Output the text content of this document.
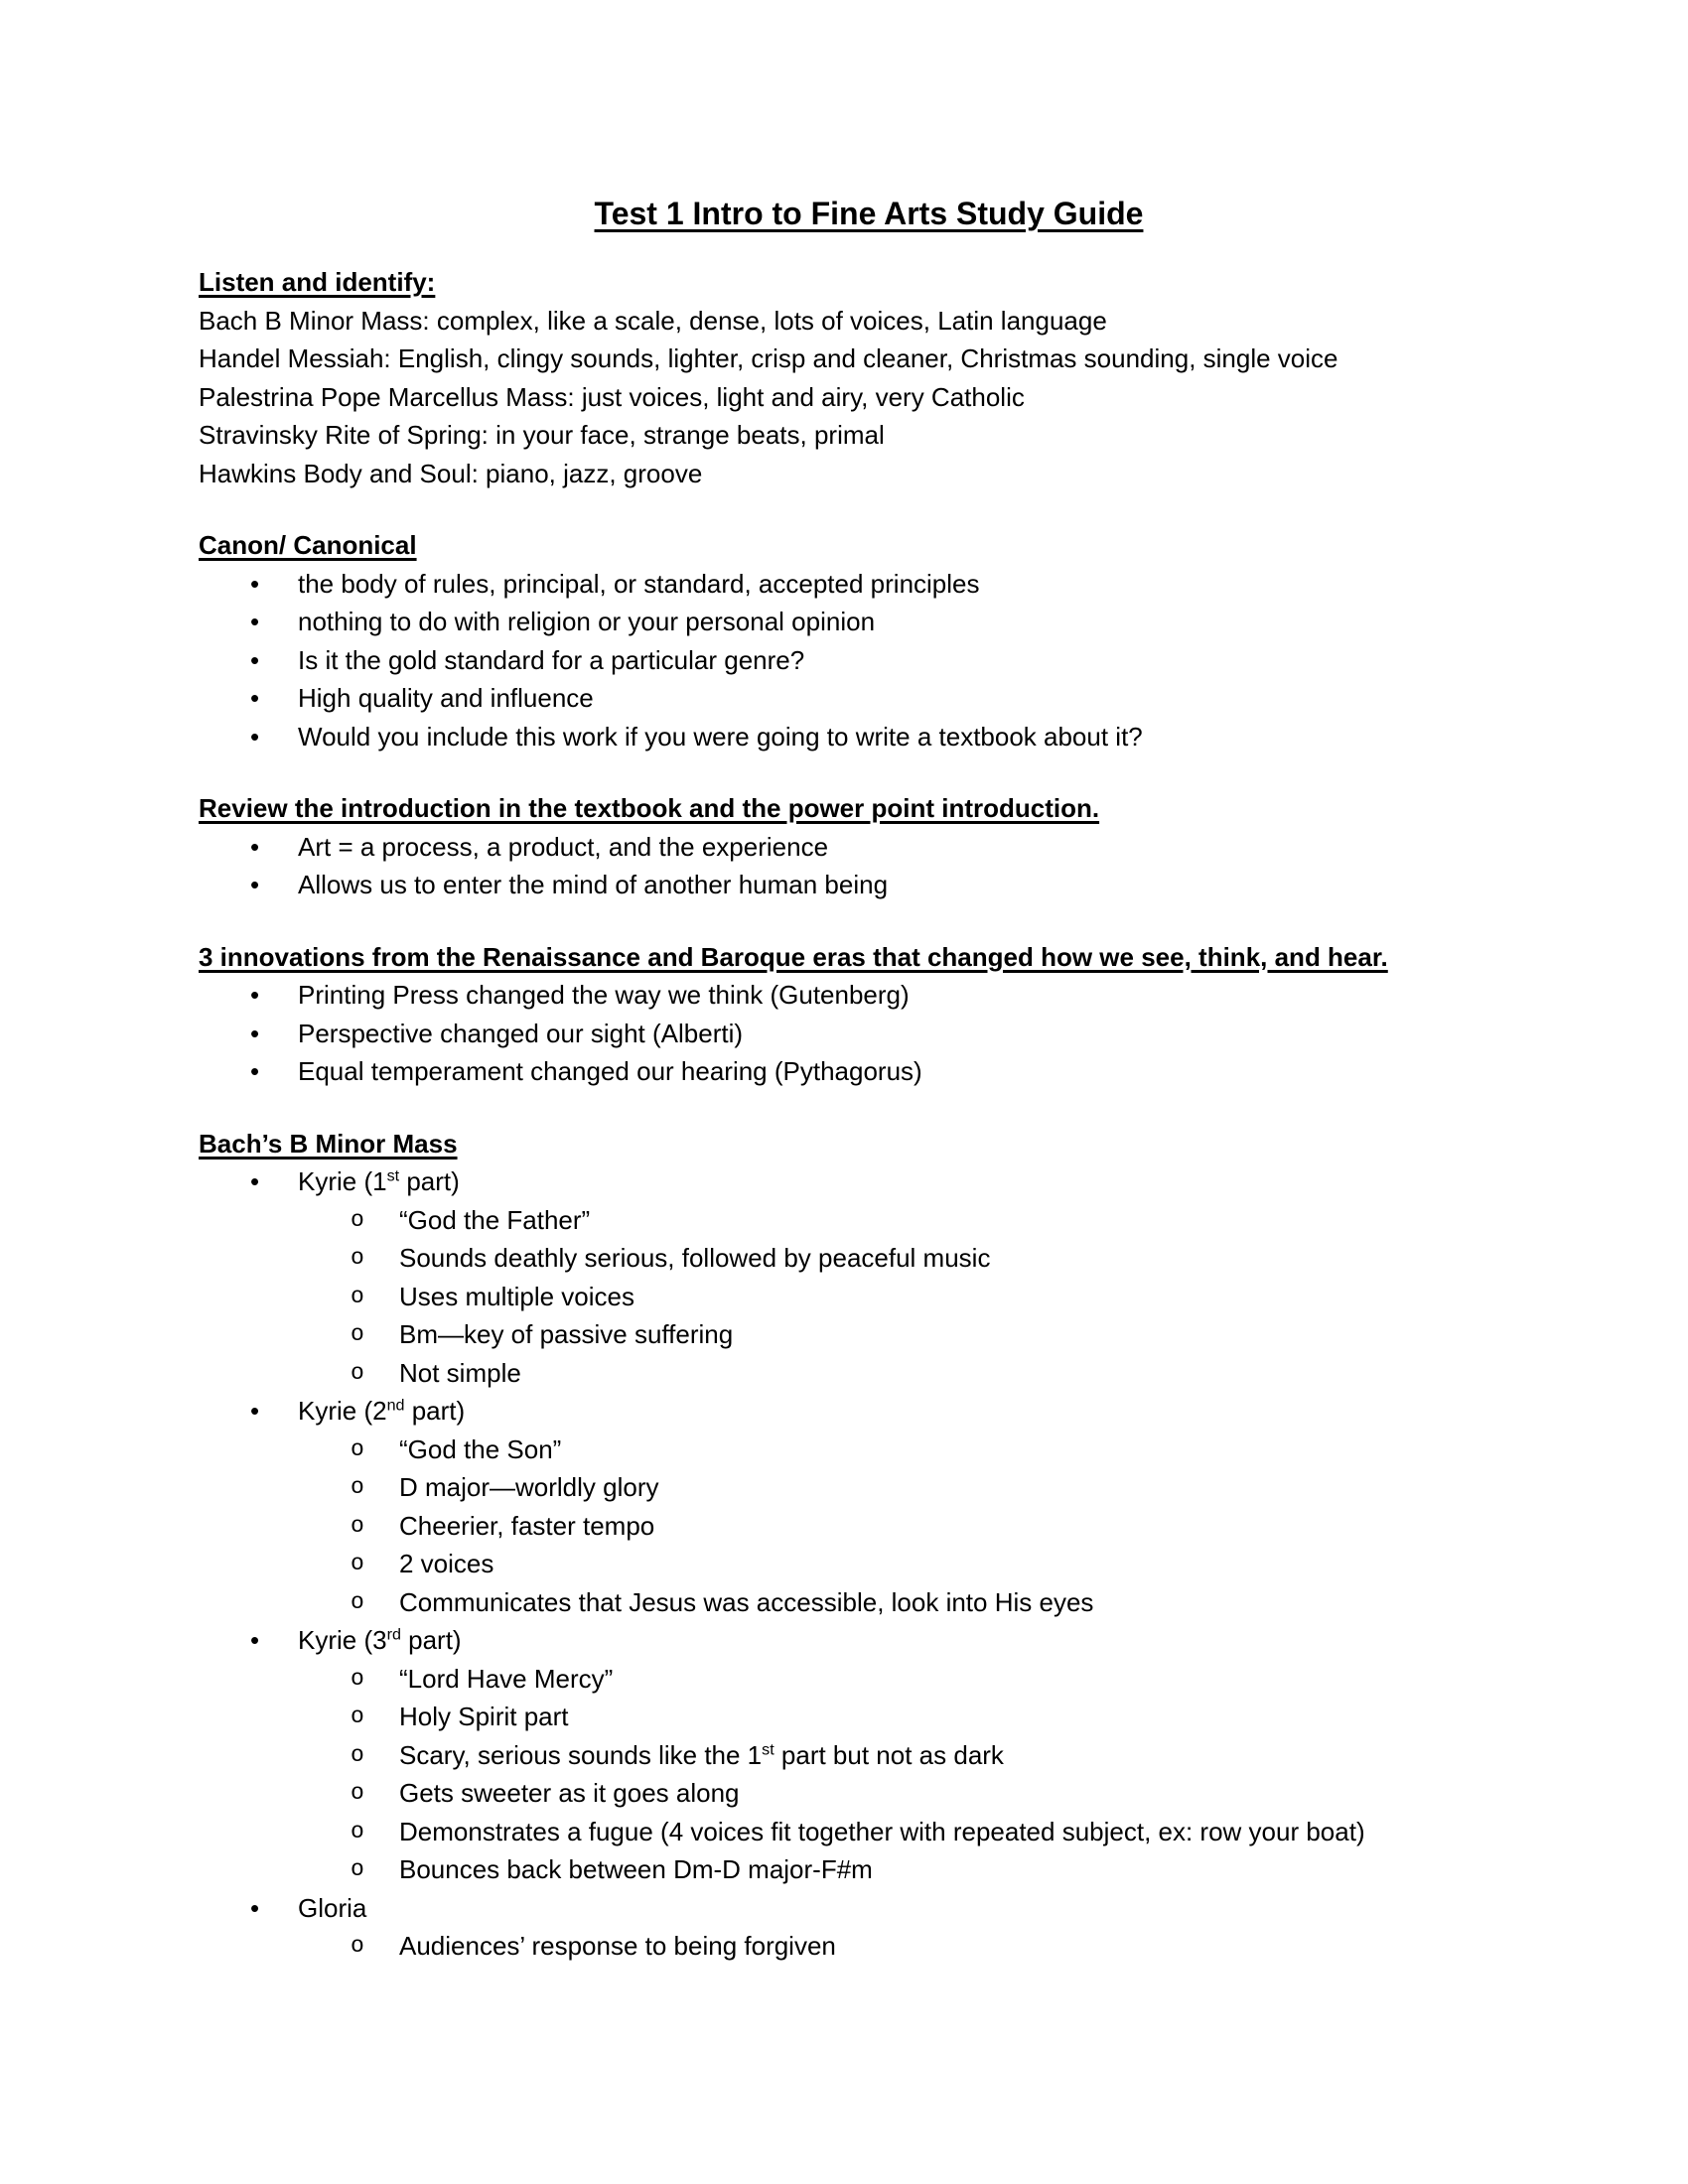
Test 1 Intro to Fine Arts Study Guide
Listen and identify:
Bach B Minor Mass: complex, like a scale, dense, lots of voices, Latin language
Handel Messiah: English, clingy sounds, lighter, crisp and cleaner, Christmas sounding, single voice
Palestrina Pope Marcellus Mass: just voices, light and airy, very Catholic
Stravinsky Rite of Spring: in your face, strange beats, primal
Hawkins Body and Soul: piano, jazz, groove
Canon/ Canonical
• the body of rules, principal, or standard, accepted principles
• nothing to do with religion or your personal opinion
• Is it the gold standard for a particular genre?
• High quality and influence
• Would you include this work if you were going to write a textbook about it?
Review the introduction in the textbook and the power point introduction.
• Art = a process, a product, and the experience
• Allows us to enter the mind of another human being
3 innovations from the Renaissance and Baroque eras that changed how we see, think, and hear.
• Printing Press changed the way we think (Gutenberg)
• Perspective changed our sight (Alberti)
• Equal temperament changed our hearing (Pythagorus)
Bach’s B Minor Mass
• Kyrie (1st part)
o “God the Father”
o Sounds deathly serious, followed by peaceful music
o Uses multiple voices
o Bm—key of passive suffering
o Not simple
• Kyrie (2nd part)
o “God the Son”
o D major—worldly glory
o Cheerier, faster tempo
o 2 voices
o Communicates that Jesus was accessible, look into His eyes
• Kyrie (3rd part)
o “Lord Have Mercy”
o Holy Spirit part
o Scary, serious sounds like the 1st part but not as dark
o Gets sweeter as it goes along
o Demonstrates a fugue (4 voices fit together with repeated subject, ex: row your boat)
o Bounces back between Dm-D major-F#m
• Gloria
o Audiences’ response to being forgiven
